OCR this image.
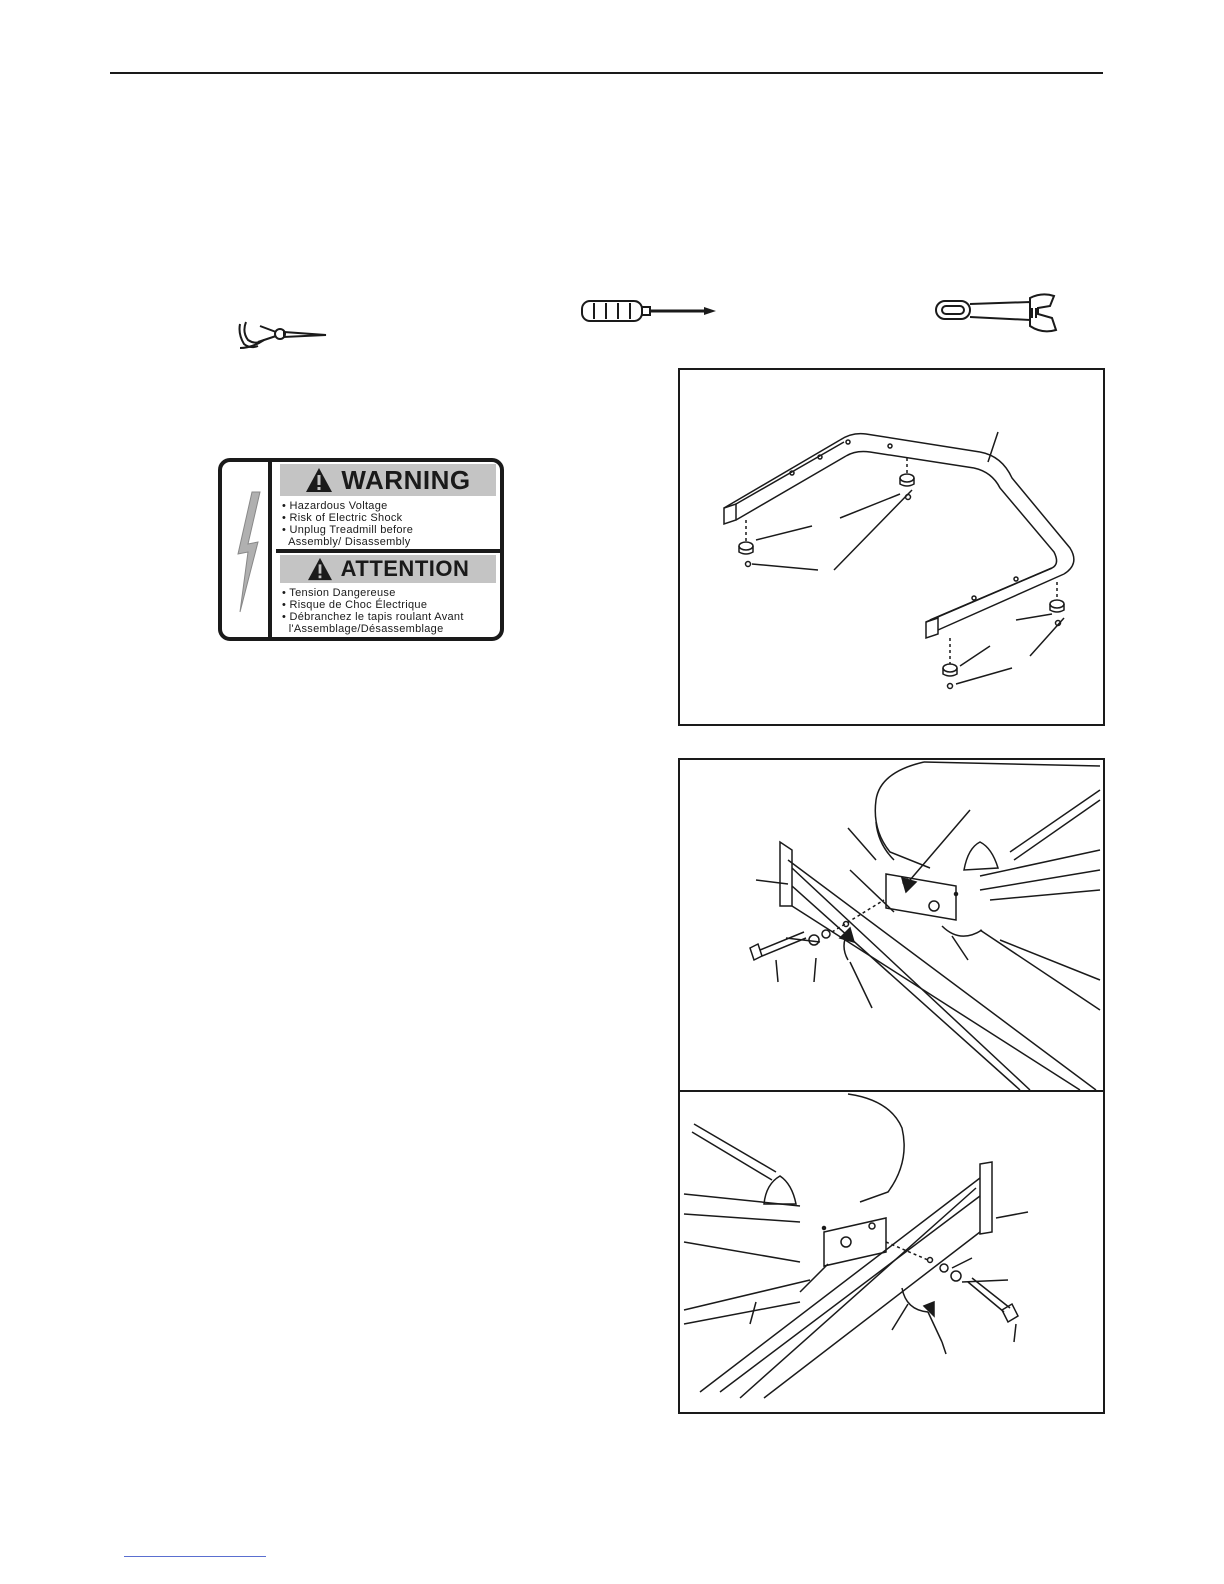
WARNING
• Hazardous Voltage
• Risk of Electric Shock
• Unplug Treadmill before
Assembly/ Disassembly
ATTENTION
• Tension Dangereuse
• Risque de Choc Électrique
• Débranchez le tapis roulant Avant
l'Assemblage/Désassemblage
